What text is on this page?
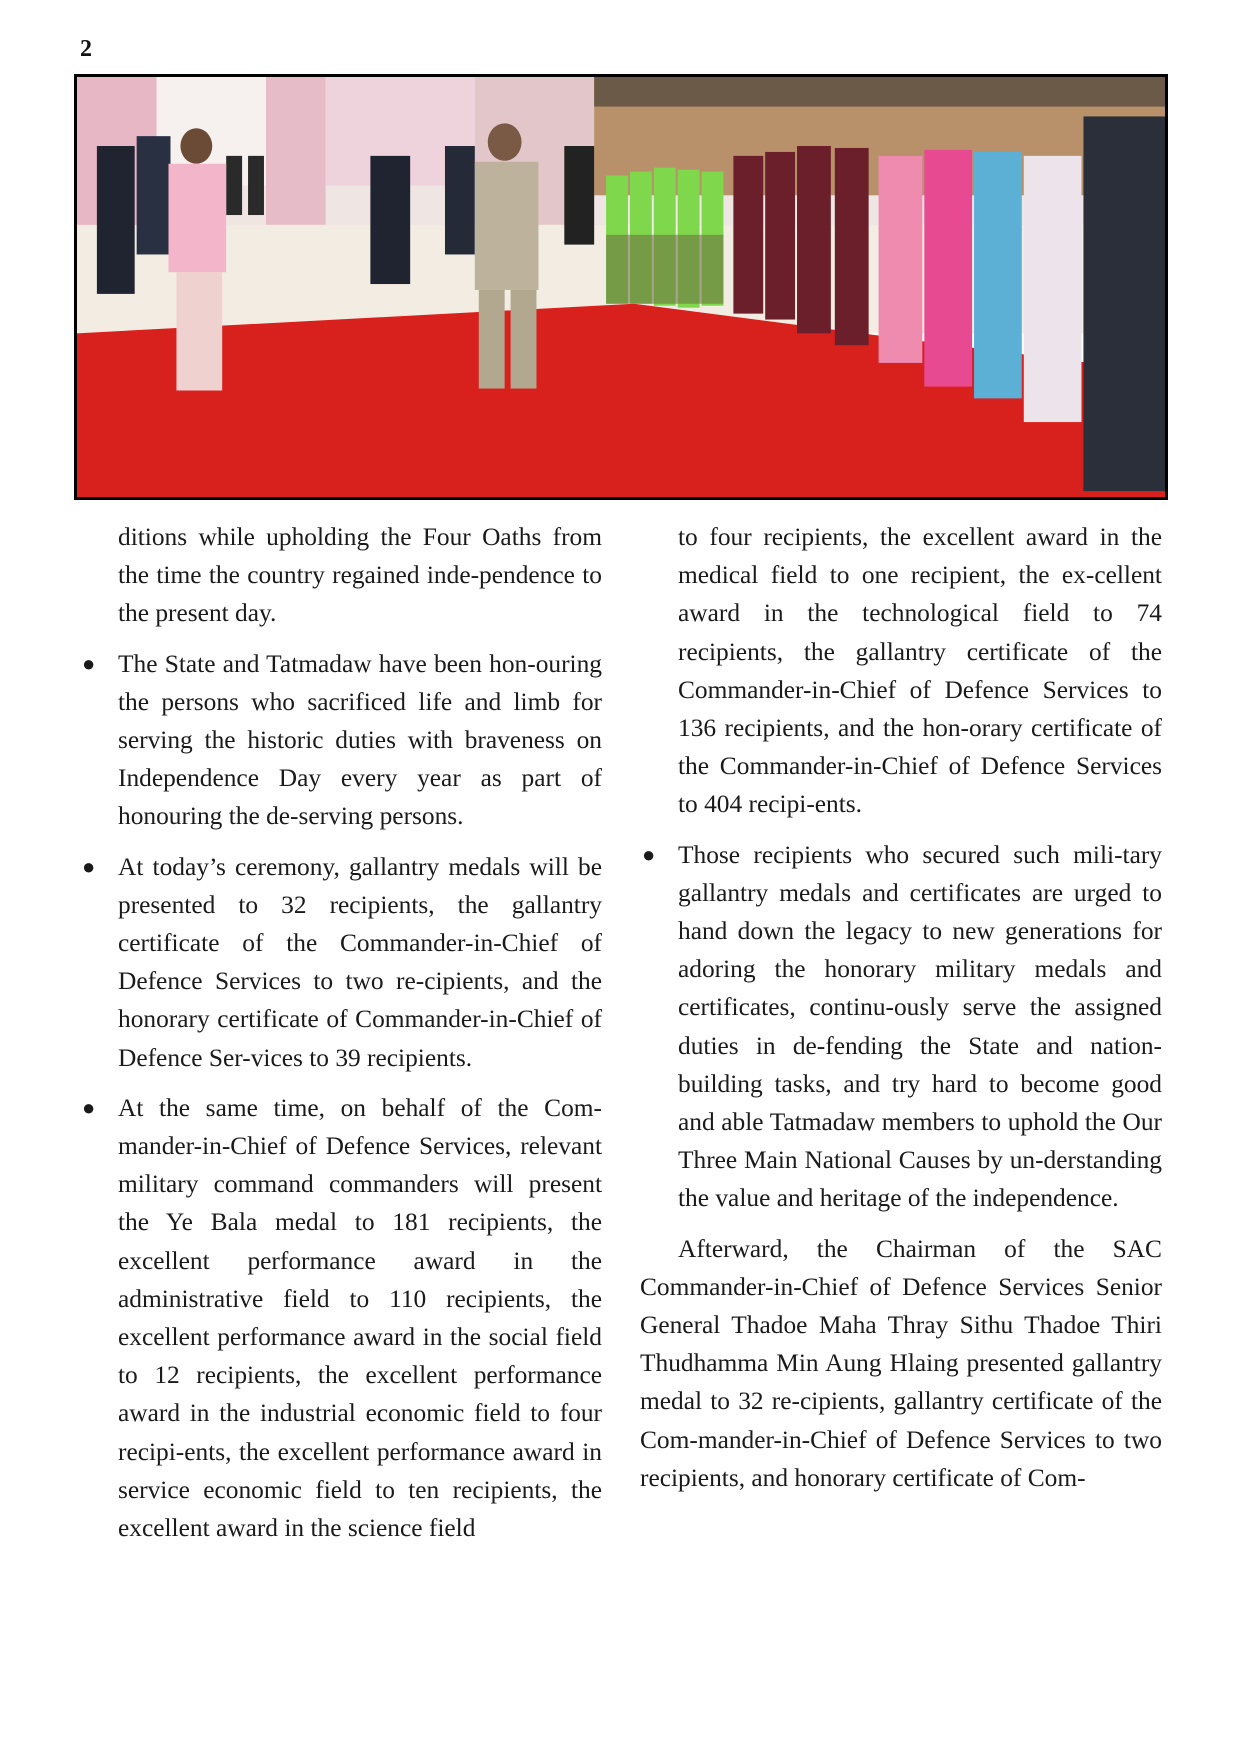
2

ditions while upholding the Four Oaths from the time the country regained inde-pendence to the present day.

● The State and Tatmadaw have been hon-ouring the persons who sacrificed life and limb for serving the historic duties with braveness on Independence Day every year as part of honouring the de-serving persons.
● At today’s ceremony, gallantry medals will be presented to 32 recipients, the gallantry certificate of the Commander-in-Chief of Defence Services to two re-cipients, and the honorary certificate of Commander-in-Chief of Defence Ser-vices to 39 recipients.
● At the same time, on behalf of the Com-mander-in-Chief of Defence Services, relevant military command commanders will present the Ye Bala medal to 181 recipients, the excellent performance award in the administrative field to 110 recipients, the excellent performance award in the social field to 12 recipients, the excellent performance award in the industrial economic field to four recipi-ents, the excellent performance award in service economic field to ten recipients, the excellent award in the science field

to four recipients, the excellent award in the medical field to one recipient, the ex-cellent award in the technological field to 74 recipients, the gallantry certificate of the Commander-in-Chief of Defence Services to 136 recipients, and the hon-orary certificate of the Commander-in-Chief of Defence Services to 404 recipi-ents.

● Those recipients who secured such mili-tary gallantry medals and certificates are urged to hand down the legacy to new generations for adoring the honorary military medals and certificates, continu-ously serve the assigned duties in de-fending the State and nation-building tasks, and try hard to become good and able Tatmadaw members to uphold the Our Three Main National Causes by un-derstanding the value and heritage of the independence.

Afterward, the Chairman of the SAC Commander-in-Chief of Defence Services Senior General Thadoe Maha Thray Sithu Thadoe Thiri Thudhamma Min Aung Hlaing presented gallantry medal to 32 re-cipients, gallantry certificate of the Com-mander-in-Chief of Defence Services to two recipients, and honorary certificate of Com-
